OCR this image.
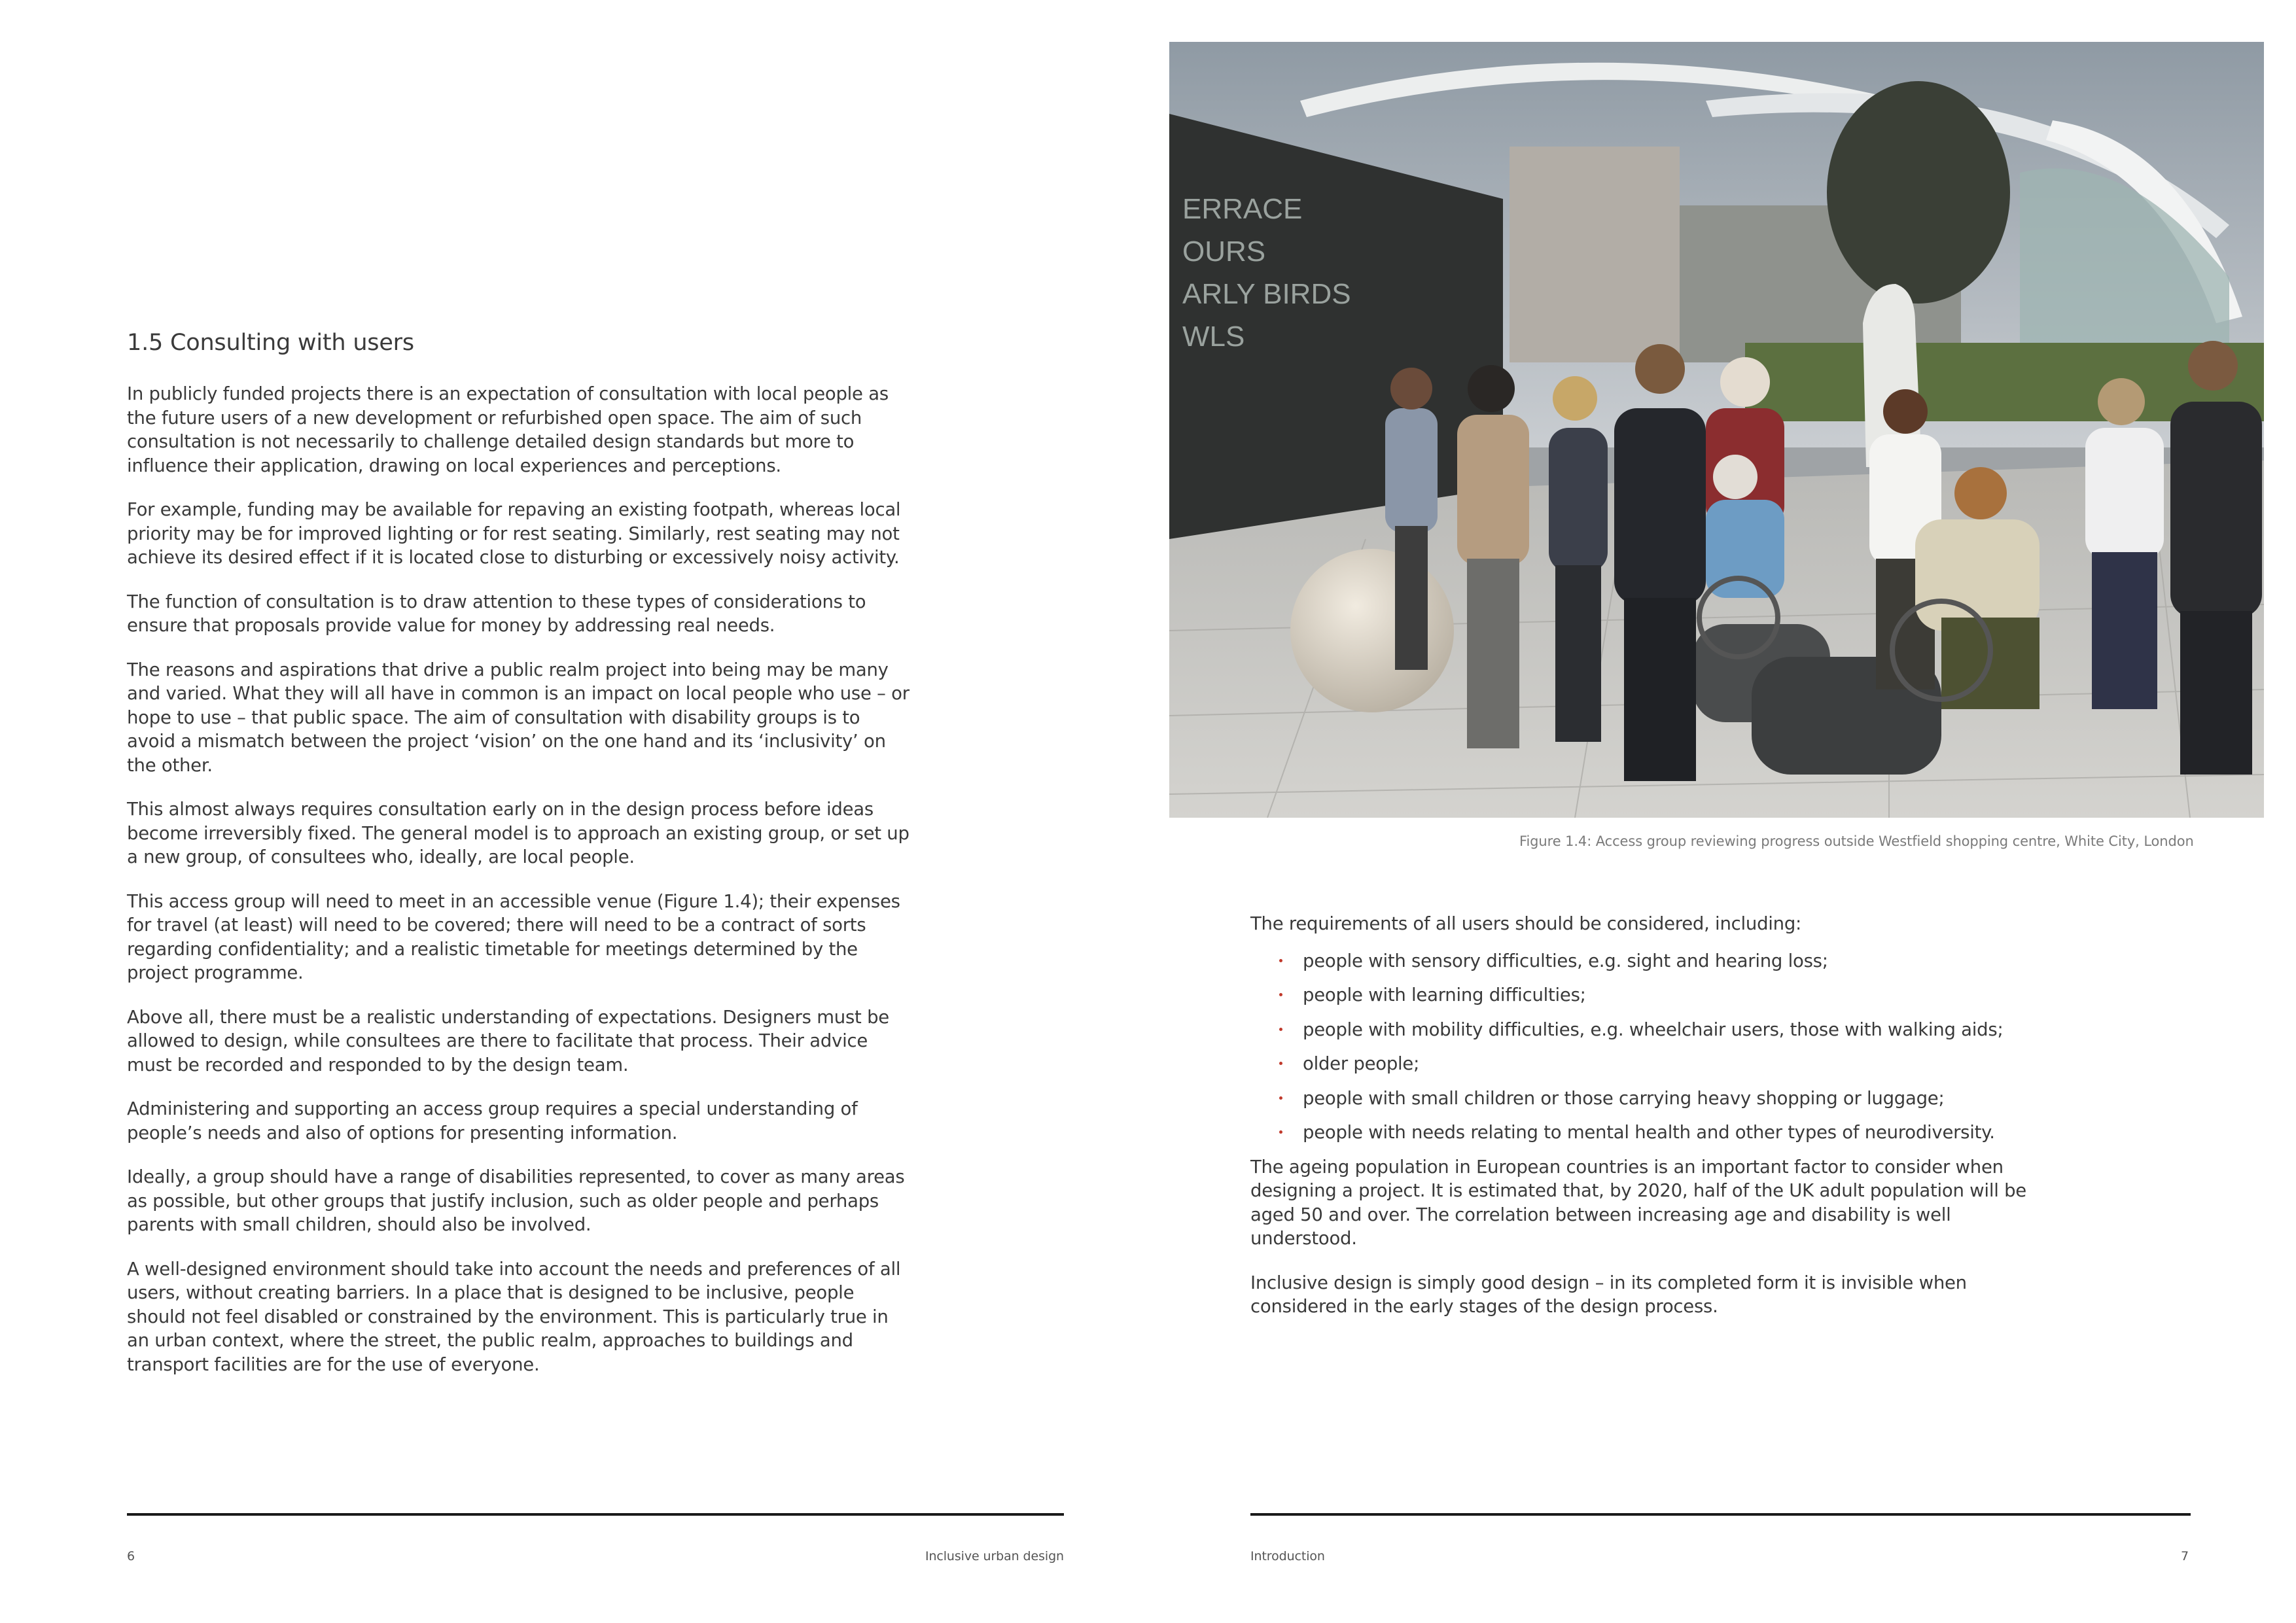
1.5 Consulting with users

In publicly funded projects there is an expectation of consultation with local people as the future users of a new development or refurbished open space. The aim of such consultation is not necessarily to challenge detailed design standards but more to influence their application, drawing on local experiences and perceptions.

For example, funding may be available for repaving an existing footpath, whereas local priority may be for improved lighting or for rest seating. Similarly, rest seating may not achieve its desired effect if it is located close to disturbing or excessively noisy activity.

The function of consultation is to draw attention to these types of considerations to ensure that proposals provide value for money by addressing real needs.

The reasons and aspirations that drive a public realm project into being may be many and varied. What they will all have in common is an impact on local people who use – or hope to use – that public space. The aim of consultation with disability groups is to avoid a mismatch between the project ‘vision’ on the one hand and its ‘inclusivity’ on the other.

This almost always requires consultation early on in the design process before ideas become irreversibly fixed. The general model is to approach an existing group, or set up a new group, of consultees who, ideally, are local people.

This access group will need to meet in an accessible venue (Figure 1.4); their expenses for travel (at least) will need to be covered; there will need to be a contract of sorts regarding confidentiality; and a realistic timetable for meetings determined by the project programme.

Above all, there must be a realistic understanding of expectations. Designers must be allowed to design, while consultees are there to facilitate that process. Their advice must be recorded and responded to by the design team.

Administering and supporting an access group requires a special understanding of people’s needs and also of options for presenting information.

Ideally, a group should have a range of disabilities represented, to cover as many areas as possible, but other groups that justify inclusion, such as older people and perhaps parents with small children, should also be involved.

A well-designed environment should take into account the needs and preferences of all users, without creating barriers. In a place that is designed to be inclusive, people should not feel disabled or constrained by the environment. This is particularly true in an urban context, where the street, the public realm, approaches to buildings and transport facilities are for the use of everyone.

6	Inclusive urban design
ERRACE
OURS
ARLY BIRDS
WLS
Figure 1.4: Access group reviewing progress outside Westfield shopping centre, White City, London

The requirements of all users should be considered, including:

people with sensory difficulties, e.g. sight and hearing loss;
people with learning difficulties;
people with mobility difficulties, e.g. wheelchair users, those with walking aids;
older people;
people with small children or those carrying heavy shopping or luggage;
people with needs relating to mental health and other types of neurodiversity.

The ageing population in European countries is an important factor to consider when designing a project. It is estimated that, by 2020, half of the UK adult population will be aged 50 and over. The correlation between increasing age and disability is well understood.

Inclusive design is simply good design – in its completed form it is invisible when considered in the early stages of the design process.

Introduction	7
